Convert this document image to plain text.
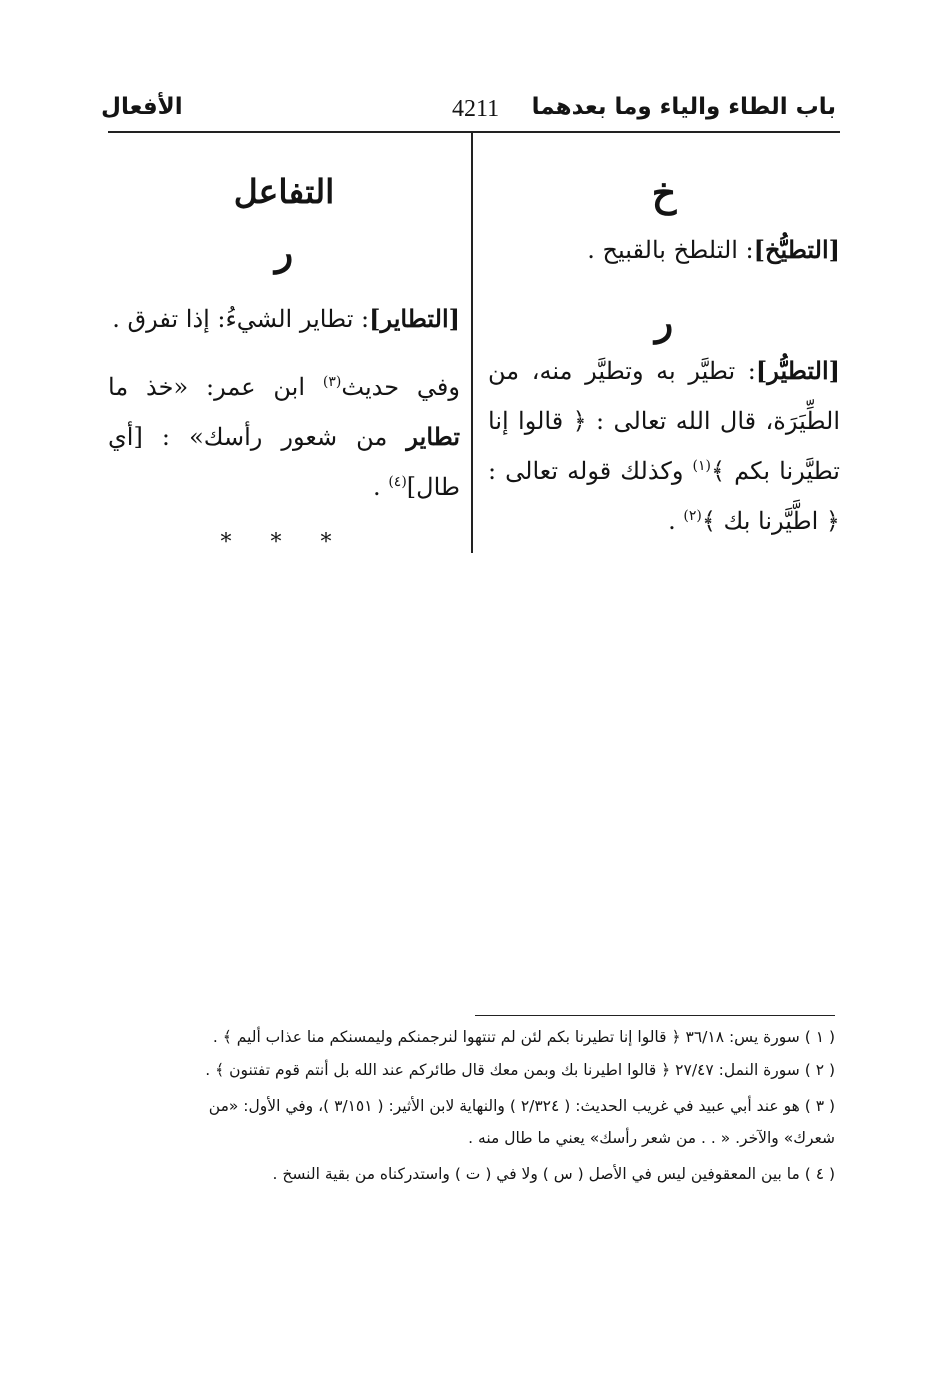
باب الطاء والياء وما بعدهما
4211
الأفعال
خ
[التطيُّخ]: التلطخ بالقبيح .
ر
[التطيُّر]: تطيَّر به وتطيَّر منه، من الطِّيَرَة، قال الله تعالى : ﴿ قالوا إنا تطيَّرنا بكم ﴾$^{(١)}$ وكذلك قوله تعالى : ﴿ اطَّيَّرنا بك ﴾$^{(٢)}$ .
التفاعل
ر
[التطاير]: تطاير الشيءُ: إذا تفرق .
وفي حديث$^{(٣)}$ ابن عمر: «خذ ما تطاير من شعور رأسك» : [أي طال]$^{(٤)}$ .
* * *
( ١ ) سورة يس: ٣٦/١٨ ﴿ قالوا إنا تطيرنا بكم لئن لم تنتهوا لنرجمنكم وليمسنكم منا عذاب أليم ﴾ .
( ٢ ) سورة النمل: ٢٧/٤٧ ﴿ قالوا اطيرنا بك وبمن معك قال طائركم عند الله بل أنتم قوم تفتنون ﴾ .
( ٣ ) هو عند أبي عبيد في غريب الحديث: ( ٢/٣٢٤ ) والنهاية لابن الأثير: ( ٣/١٥١ )، وفي الأول: «من
شعرك» والآخر. « . . من شعر رأسك» يعني ما طال منه .
( ٤ ) ما بين المعقوفين ليس في الأصل ( س ) ولا في ( ت ) واستدركناه من بقية النسخ .
